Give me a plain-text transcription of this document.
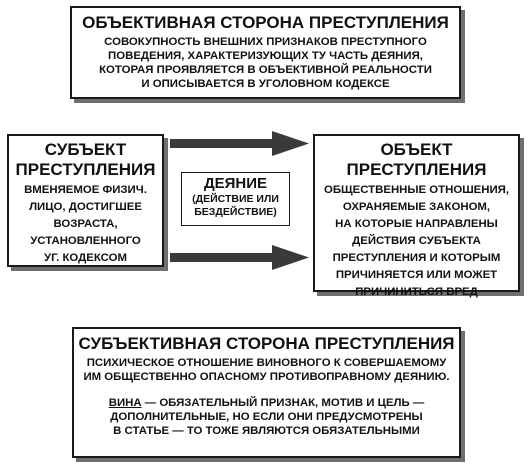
ОБЪЕКТИВНАЯ СТОРОНА ПРЕСТУПЛЕНИЯ
СОВОКУПНОСТЬ ВНЕШНИХ ПРИЗНАКОВ ПРЕСТУПНОГО
ПОВЕДЕНИЯ, ХАРАКТЕРИЗУЮЩИХ ТУ ЧАСТЬ ДЕЯНИЯ,
КОТОРАЯ ПРОЯВЛЯЕТСЯ В ОБЪЕКТИВНОЙ РЕАЛЬНОСТИ
И ОПИСЫВАЕТСЯ В УГОЛОВНОМ КОДЕКСЕ
СУБЪЕКТ
ПРЕСТУПЛЕНИЯ
ВМЕНЯЕМОЕ ФИЗИЧ.
ЛИЦО, ДОСТИГШЕЕ
ВОЗРАСТА,
УСТАНОВЛЕННОГО
УГ. КОДЕКСОМ
ДЕЯНИЕ
(ДЕЙСТВИЕ ИЛИ
БЕЗДЕЙСТВИЕ)
ОБЪЕКТ
ПРЕСТУПЛЕНИЯ
ОБЩЕСТВЕННЫЕ ОТНОШЕНИЯ,
ОХРАНЯЕМЫЕ ЗАКОНОМ,
НА КОТОРЫЕ НАПРАВЛЕНЫ
ДЕЙСТВИЯ СУБЪЕКТА
ПРЕСТУПЛЕНИЯ И КОТОРЫМ
ПРИЧИНЯЕТСЯ ИЛИ МОЖЕТ
ПРИЧИНИТЬСЯ ВРЕД
СУБЪЕКТИВНАЯ СТОРОНА ПРЕСТУПЛЕНИЯ
ПСИХИЧЕСКОЕ ОТНОШЕНИЕ ВИНОВНОГО К СОВЕРШАЕМОМУ
ИМ ОБЩЕСТВЕННО ОПАСНОМУ ПРОТИВОПРАВНОМУ ДЕЯНИЮ.
ВИНА — ОБЯЗАТЕЛЬНЫЙ ПРИЗНАК, МОТИВ И ЦЕЛЬ —
ДОПОЛНИТЕЛЬНЫЕ, НО ЕСЛИ ОНИ ПРЕДУСМОТРЕНЫ
В СТАТЬЕ — ТО ТОЖЕ ЯВЛЯЮТСЯ ОБЯЗАТЕЛЬНЫМИ
